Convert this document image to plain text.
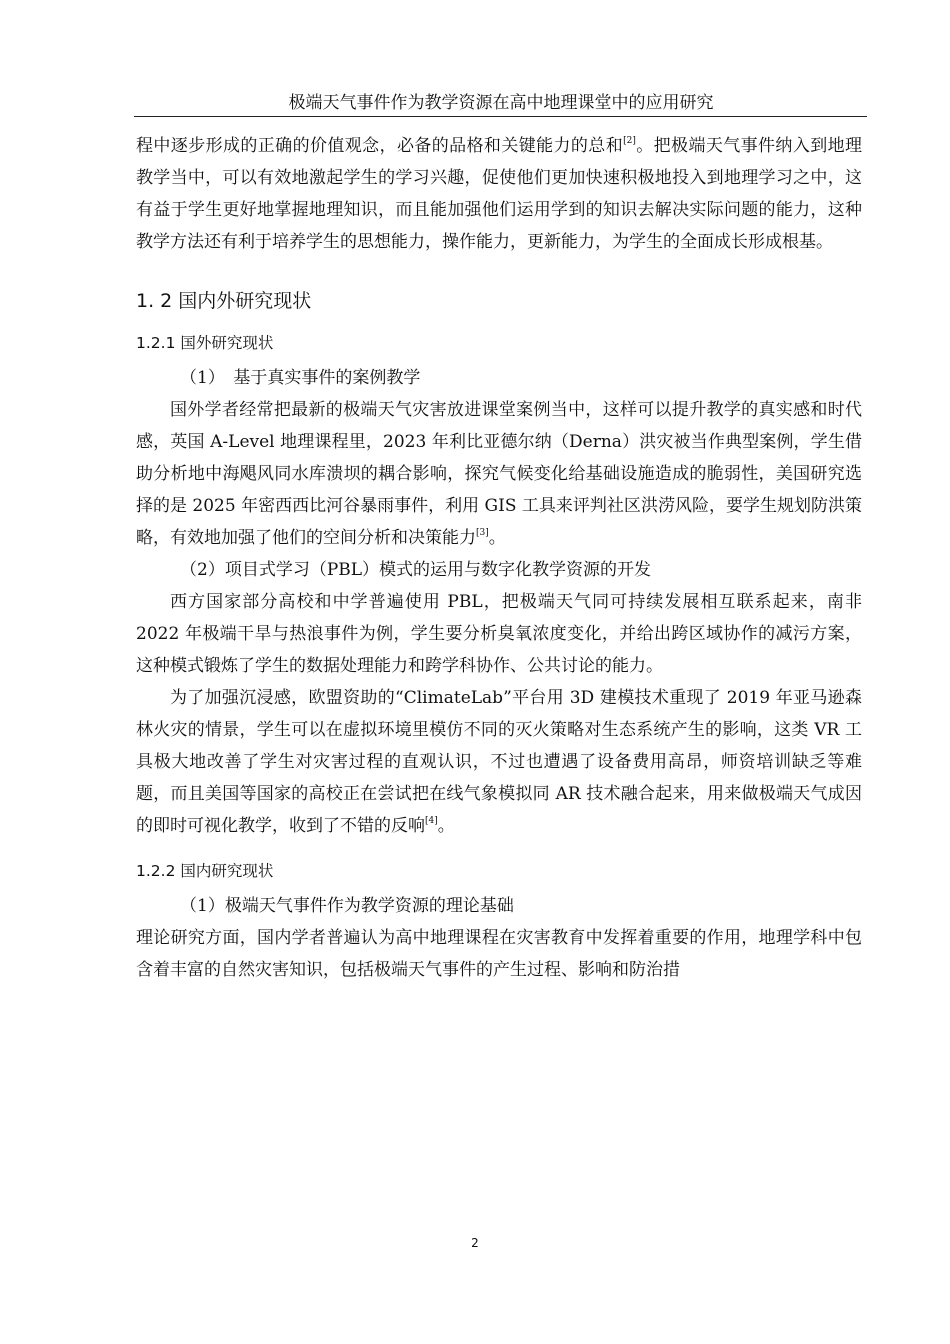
极端天气事件作为教学资源在高中地理课堂中的应用研究

程中逐步形成的正确的价值观念，必备的品格和关键能力的总和[2]。把极端天气事件纳入到地理教学当中，可以有效地激起学生的学习兴趣，促使他们更加快速积极地投入到地理学习之中，这有益于学生更好地掌握地理知识，而且能加强他们运用学到的知识去解决实际问题的能力，这种教学方法还有利于培养学生的思想能力，操作能力，更新能力，为学生的全面成长形成根基。

1. 2 国内外研究现状
1.2.1 国外研究现状

（1）　基于真实事件的案例教学

国外学者经常把最新的极端天气灾害放进课堂案例当中，这样可以提升教学的真实感和时代感，英国 A-Level 地理课程里，2023 年利比亚德尔纳（Derna）洪灾被当作典型案例，学生借助分析地中海飓风同水库溃坝的耦合影响，探究气候变化给基础设施造成的脆弱性，美国研究选择的是 2025 年密西西比河谷暴雨事件，利用 GIS 工具来评判社区洪涝风险，要学生规划防洪策略，有效地加强了他们的空间分析和决策能力[3]。

（2）项目式学习（PBL）模式的运用与数字化教学资源的开发

西方国家部分高校和中学普遍使用 PBL，把极端天气同可持续发展相互联系起来，南非 2022 年极端干旱与热浪事件为例，学生要分析臭氧浓度变化，并给出跨区域协作的减污方案，这种模式锻炼了学生的数据处理能力和跨学科协作、公共讨论的能力。

为了加强沉浸感，欧盟资助的“ClimateLab”平台用 3D 建模技术重现了 2019 年亚马逊森林火灾的情景，学生可以在虚拟环境里模仿不同的灭火策略对生态系统产生的影响，这类 VR 工具极大地改善了学生对灾害过程的直观认识，不过也遭遇了设备费用高昂，师资培训缺乏等难题，而且美国等国家的高校正在尝试把在线气象模拟同 AR 技术融合起来，用来做极端天气成因的即时可视化教学，收到了不错的反响[4]。

1.2.2 国内研究现状

（1）极端天气事件作为教学资源的理论基础

理论研究方面，国内学者普遍认为高中地理课程在灾害教育中发挥着重要的作用，地理学科中包含着丰富的自然灾害知识，包括极端天气事件的产生过程、影响和防治措

2
